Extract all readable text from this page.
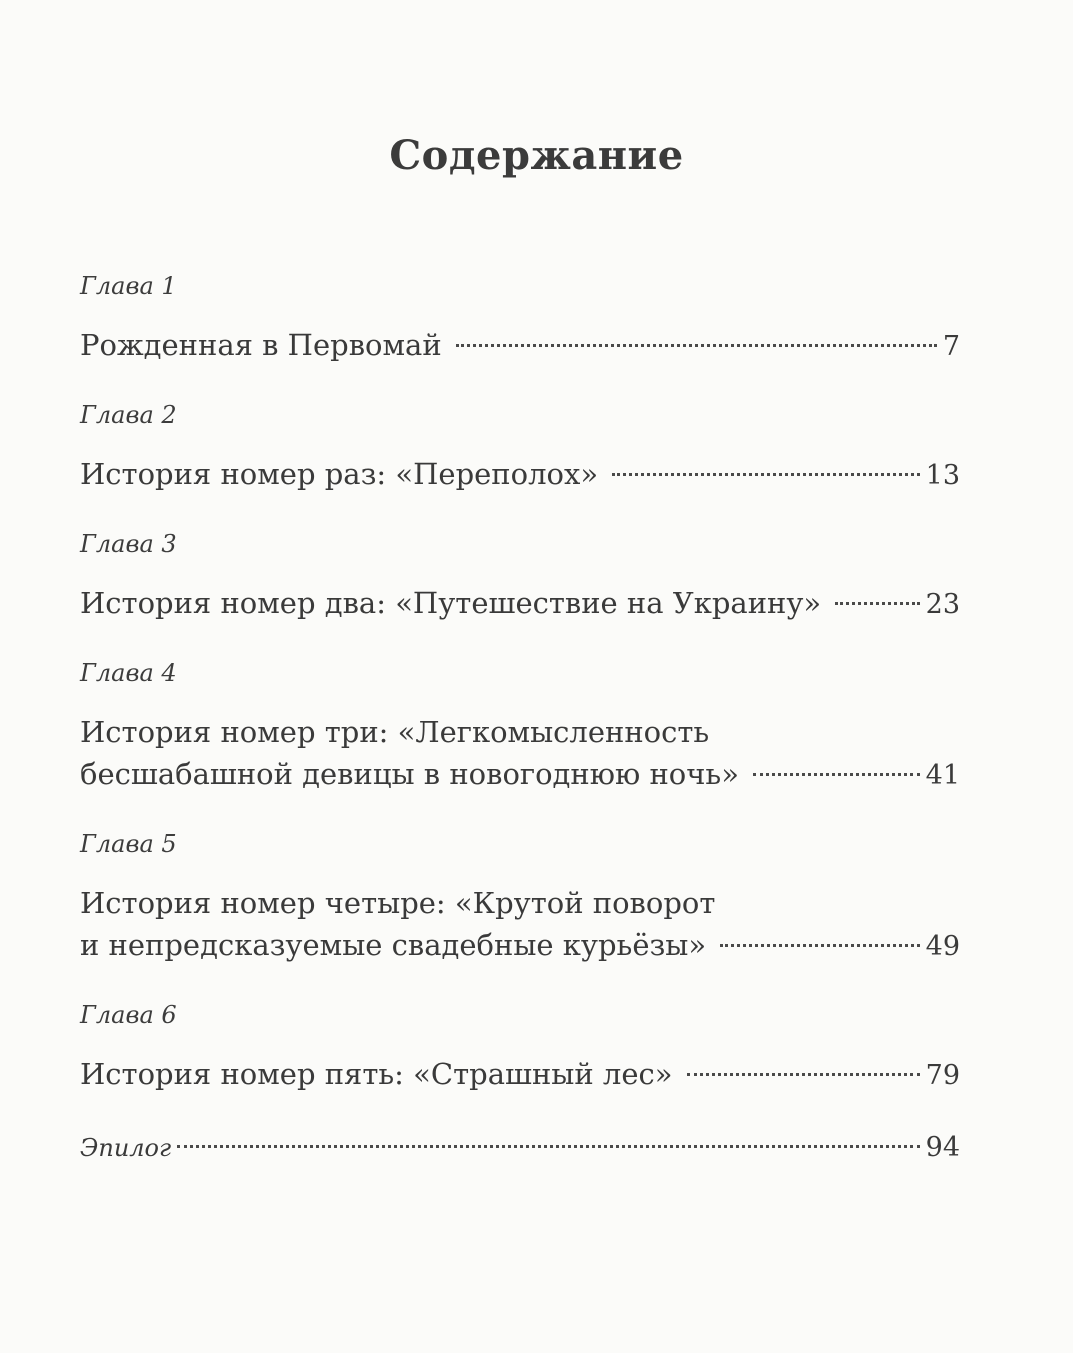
Содержание
Глава 1
Рожденная в Первомай	7
Глава 2
История номер раз: «Переполох»	13
Глава 3
История номер два: «Путешествие на Украину»	23
Глава 4
История номер три: «Легкомысленность
бесшабашной девицы в новогоднюю ночь»	41
Глава 5
История номер четыре: «Крутой поворот
и непредсказуемые свадебные курьёзы»	49
Глава 6
История номер пять: «Страшный лес»	79
Эпилог	94
